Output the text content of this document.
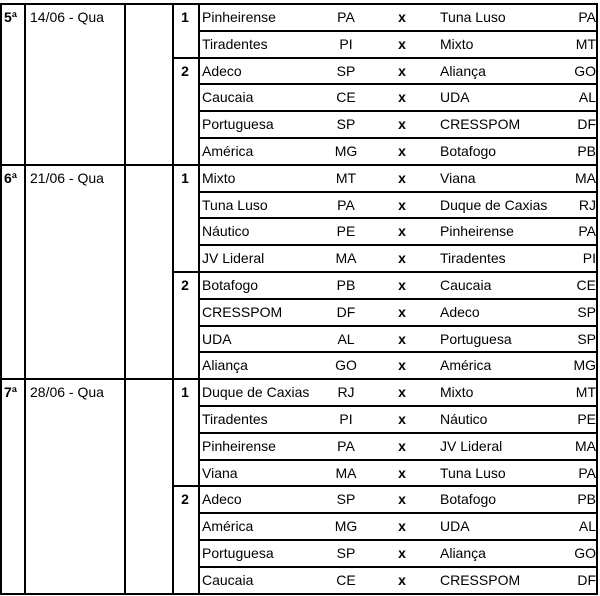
5ª 14/06 - Qua	1 Pinheirense	PA	x	Tuna Luso	PA
Tiradentes	PI	x	Mixto	MT
2 Adeco	SP	x	Aliança	GO
Caucaia	CE	x	UDA	AL
Portuguesa	SP	x	CRESSPOM	DF
América	MG	x	Botafogo	PB
6ª 21/06 - Qua	1 Mixto	MT	x	Viana	MA
Tuna Luso	PA	x	Duque de Caxias	RJ
Náutico	PE	x	Pinheirense	PA
JV Lideral	MA	x	Tiradentes	PI
2 Botafogo	PB	x	Caucaia	CE
CRESSPOM	DF	x	Adeco	SP
UDA	AL	x	Portuguesa	SP
Aliança	GO	x	América	MG
7ª 28/06 - Qua	1 Duque de Caxias	RJ	x	Mixto	MT
Tiradentes	PI	x	Náutico	PE
Pinheirense	PA	x	JV Lideral	MA
Viana	MA	x	Tuna Luso	PA
2 Adeco	SP	x	Botafogo	PB
América	MG	x	UDA	AL
Portuguesa	SP	x	Aliança	GO
Caucaia	CE	x	CRESSPOM	DF
